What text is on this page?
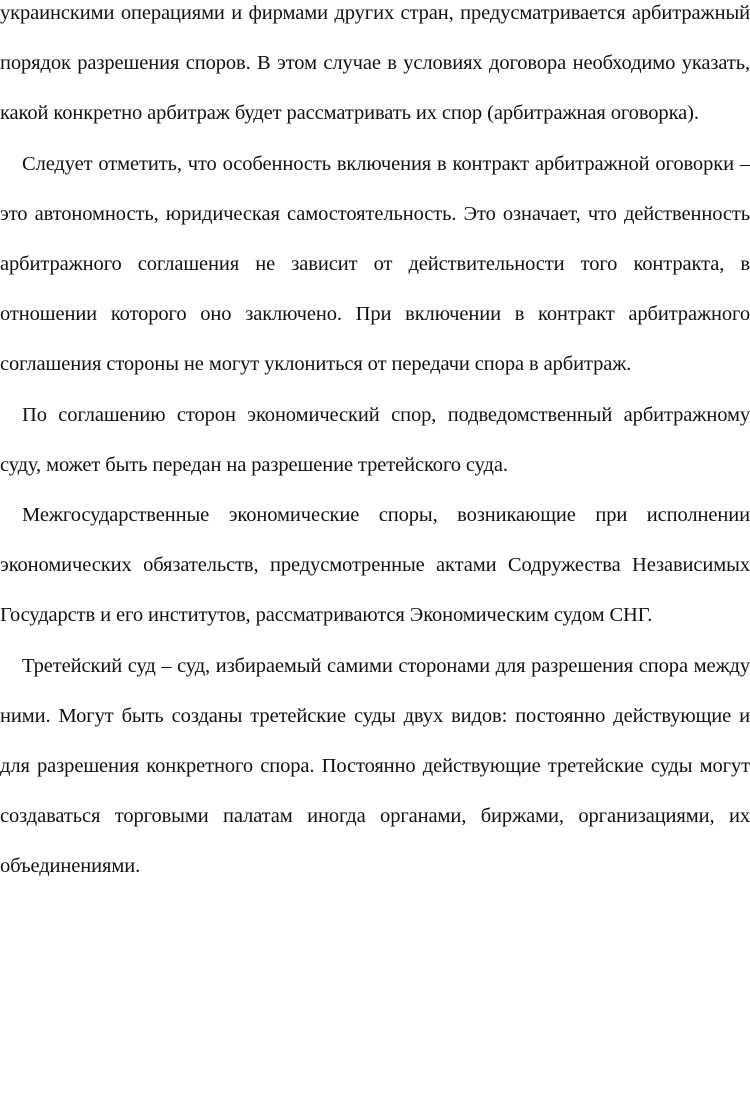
украинскими операциями и фирмами других стран, предусматривается арбитражный порядок разрешения споров. В этом случае в условиях договора необходимо указать, какой конкретно арбитраж будет рассматривать их спор (арбитражная оговорка).

Следует отметить, что особенность включения в контракт арбитражной оговорки – это автономность, юридическая самостоятельность. Это означает, что действенность арбитражного соглашения не зависит от действительности того контракта, в отношении которого оно заключено. При включении в контракт арбитражного соглашения стороны не могут уклониться от передачи спора в арбитраж.

По соглашению сторон экономический спор, подведомственный арбитражному суду, может быть передан на разрешение третейского суда.

Межгосударственные экономические споры, возникающие при исполнении экономических обязательств, предусмотренные актами Содружества Независимых Государств и его институтов, рассматриваются Экономическим судом СНГ.

Третейский суд – суд, избираемый самими сторонами для разрешения спора между ними. Могут быть созданы третейские суды двух видов: постоянно действующие и для разрешения конкретного спора. Постоянно действующие третейские суды могут создаваться торговыми палатам иногда органами, биржами, организациями, их объединениями.
